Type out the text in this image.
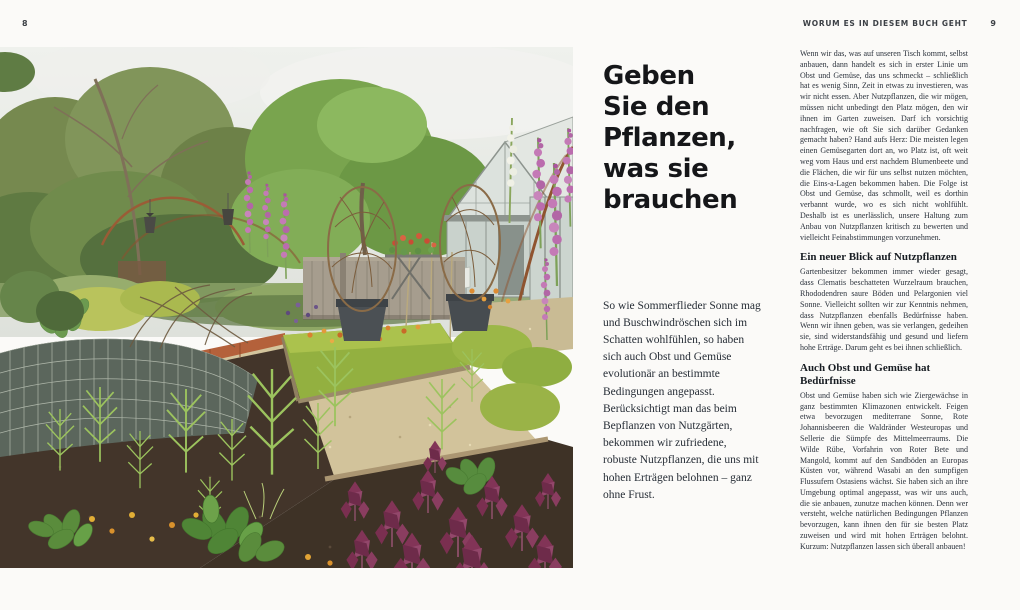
8	WORUM ES IN DIESEM BUCH GEHT	9
Geben
Sie den
Pflanzen,
was sie
brauchen

So wie Sommerflieder Sonne mag und Buschwindröschen sich im Schatten wohlfühlen, so haben sich auch Obst und Gemüse evolutionär an bestimmte Bedingungen angepasst. Berücksichtigt man das beim Bepflanzen von Nutzgärten, bekommen wir zufriedene, robuste Nutzpflanzen, die uns mit hohen Erträgen belohnen – ganz ohne Frust.

Wenn wir das, was auf unseren Tisch kommt, selbst anbauen, dann handelt es sich in erster Linie um Obst und Gemüse, das uns schmeckt – schließlich hat es wenig Sinn, Zeit in etwas zu investieren, was wir nicht essen. Aber Nutzpflanzen, die wir mögen, müssen nicht unbedingt den Platz mögen, den wir ihnen im Garten zuweisen. Darf ich vorsichtig nachfragen, wie oft Sie sich darüber Gedanken gemacht haben? Hand aufs Herz: Die meisten legen einen Gemüsegarten dort an, wo Platz ist, oft weit weg vom Haus und erst nachdem Blumenbeete und die Flächen, die wir für uns selbst nutzen möchten, die Eins-a-Lagen bekommen haben. Die Folge ist Obst und Gemüse, das schmollt, weil es dorthin verbannt wurde, wo es sich nicht wohlfühlt. Deshalb ist es unerlässlich, unsere Haltung zum Anbau von Nutzpflanzen kritisch zu bewerten und vielleicht Feinabstimmungen vorzunehmen.

Ein neuer Blick auf Nutzpflanzen

Gartenbesitzer bekommen immer wieder gesagt, dass Clematis beschatteten Wurzelraum brauchen, Rhododendren saure Böden und Pelargonien viel Sonne. Vielleicht sollten wir zur Kenntnis nehmen, dass Nutzpflanzen ebenfalls Bedürfnisse haben. Wenn wir ihnen geben, was sie verlangen, gedeihen sie, sind widerstandsfähig und gesund und liefern hohe Erträge. Darum geht es bei ihnen schließlich.

Auch Obst und Gemüse hat Bedürfnisse

Obst und Gemüse haben sich wie Ziergewächse in ganz bestimmten Klimazonen entwickelt. Feigen etwa bevorzugen mediterrane Sonne, Rote Johannisbeeren die Waldränder Westeuropas und Sellerie die Sümpfe des Mittelmeerraums. Die Wilde Rübe, Vorfahrin von Roter Bete und Mangold, kommt auf den Sandböden an Europas Küsten vor, während Wasabi an den sumpfigen Flussufern Ostasiens wächst. Sie haben sich an ihre Umgebung optimal angepasst, was wir uns auch, die sie anbauen, zunutze machen können. Denn wer versteht, welche natürlichen Bedingungen Pflanzen bevorzugen, kann ihnen den für sie besten Platz zuweisen und wird mit hohen Erträgen belohnt. Kurzum: Nutzpflanzen lassen sich überall anbauen!
